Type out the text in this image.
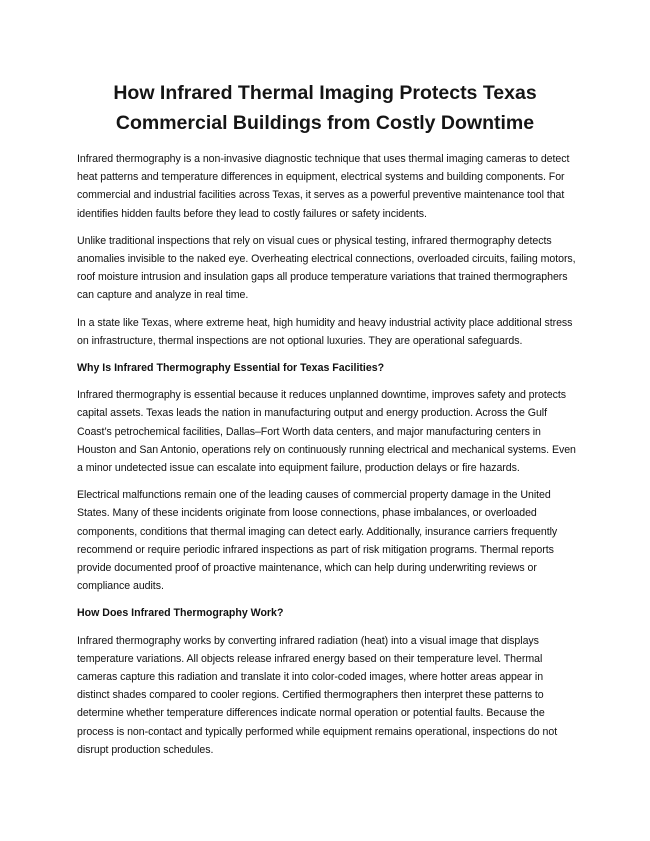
How Infrared Thermal Imaging Protects Texas
Commercial Buildings from Costly Downtime

Infrared thermography is a non-invasive diagnostic technique that uses thermal imaging cameras to detect heat patterns and temperature differences in equipment, electrical systems and building components. For commercial and industrial facilities across Texas, it serves as a powerful preventive maintenance tool that identifies hidden faults before they lead to costly failures or safety incidents.

Unlike traditional inspections that rely on visual cues or physical testing, infrared thermography detects anomalies invisible to the naked eye. Overheating electrical connections, overloaded circuits, failing motors, roof moisture intrusion and insulation gaps all produce temperature variations that trained thermographers can capture and analyze in real time.

In a state like Texas, where extreme heat, high humidity and heavy industrial activity place additional stress on infrastructure, thermal inspections are not optional luxuries. They are operational safeguards.

Why Is Infrared Thermography Essential for Texas Facilities?

Infrared thermography is essential because it reduces unplanned downtime, improves safety and protects capital assets. Texas leads the nation in manufacturing output and energy production. Across the Gulf Coast’s petrochemical facilities, Dallas–Fort Worth data centers, and major manufacturing centers in Houston and San Antonio, operations rely on continuously running electrical and mechanical systems. Even a minor undetected issue can escalate into equipment failure, production delays or fire hazards.

Electrical malfunctions remain one of the leading causes of commercial property damage in the United States. Many of these incidents originate from loose connections, phase imbalances, or overloaded components, conditions that thermal imaging can detect early. Additionally, insurance carriers frequently recommend or require periodic infrared inspections as part of risk mitigation programs. Thermal reports provide documented proof of proactive maintenance, which can help during underwriting reviews or compliance audits.

How Does Infrared Thermography Work?

Infrared thermography works by converting infrared radiation (heat) into a visual image that displays temperature variations. All objects release infrared energy based on their temperature level. Thermal cameras capture this radiation and translate it into color-coded images, where hotter areas appear in distinct shades compared to cooler regions. Certified thermographers then interpret these patterns to determine whether temperature differences indicate normal operation or potential faults. Because the process is non-contact and typically performed while equipment remains operational, inspections do not disrupt production schedules.
